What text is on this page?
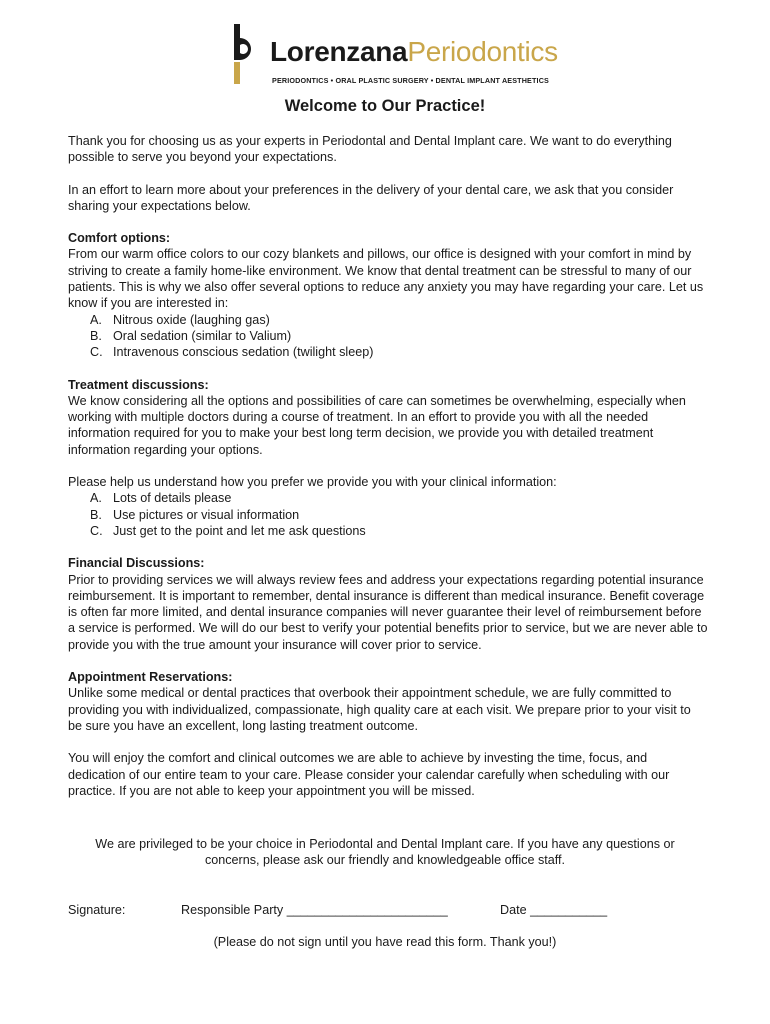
LorenzanaPeriodontics
PERIODONTICS • ORAL PLASTIC SURGERY • DENTAL IMPLANT AESTHETICS
Welcome to Our Practice!

Thank you for choosing us as your experts in Periodontal and Dental Implant care. We want to do everything possible to serve you beyond your expectations.

In an effort to learn more about your preferences in the delivery of your dental care, we ask that you consider sharing your expectations below.

Comfort options:
From our warm office colors to our cozy blankets and pillows, our office is designed with your comfort in mind by striving to create a family home-like environment. We know that dental treatment can be stressful to many of our patients. This is why we also offer several options to reduce any anxiety you may have regarding your care. Let us know if you are interested in:
A. Nitrous oxide (laughing gas)
B. Oral sedation (similar to Valium)
C. Intravenous conscious sedation (twilight sleep)
Treatment discussions:

We know considering all the options and possibilities of care can sometimes be overwhelming, especially when working with multiple doctors during a course of treatment. In an effort to provide you with all the needed information required for you to make your best long term decision, we provide you with detailed treatment information regarding your options.

Please help us understand how you prefer we provide you with your clinical information:
A. Lots of details please
B. Use pictures or visual information
C. Just get to the point and let me ask questions
Financial Discussions:

Prior to providing services we will always review fees and address your expectations regarding potential insurance reimbursement. It is important to remember, dental insurance is different than medical insurance. Benefit coverage is often far more limited, and dental insurance companies will never guarantee their level of reimbursement before a service is performed. We will do our best to verify your potential benefits prior to service, but we are never able to provide you with the true amount your insurance will cover prior to service.

Appointment Reservations:

Unlike some medical or dental practices that overbook their appointment schedule, we are fully committed to providing you with individualized, compassionate, high quality care at each visit. We prepare prior to your visit to be sure you have an excellent, long lasting treatment outcome.

You will enjoy the comfort and clinical outcomes we are able to achieve by investing the time, focus, and dedication of our entire team to your care. Please consider your calendar carefully when scheduling with our practice. If you are not able to keep your appointment you will be missed.

We are privileged to be your choice in Periodontal and Dental Implant care. If you have any questions or concerns, please ask our friendly and knowledgeable office staff.
Signature:	Responsible Party _______________________	Date ___________
(Please do not sign until you have read this form. Thank you!)
